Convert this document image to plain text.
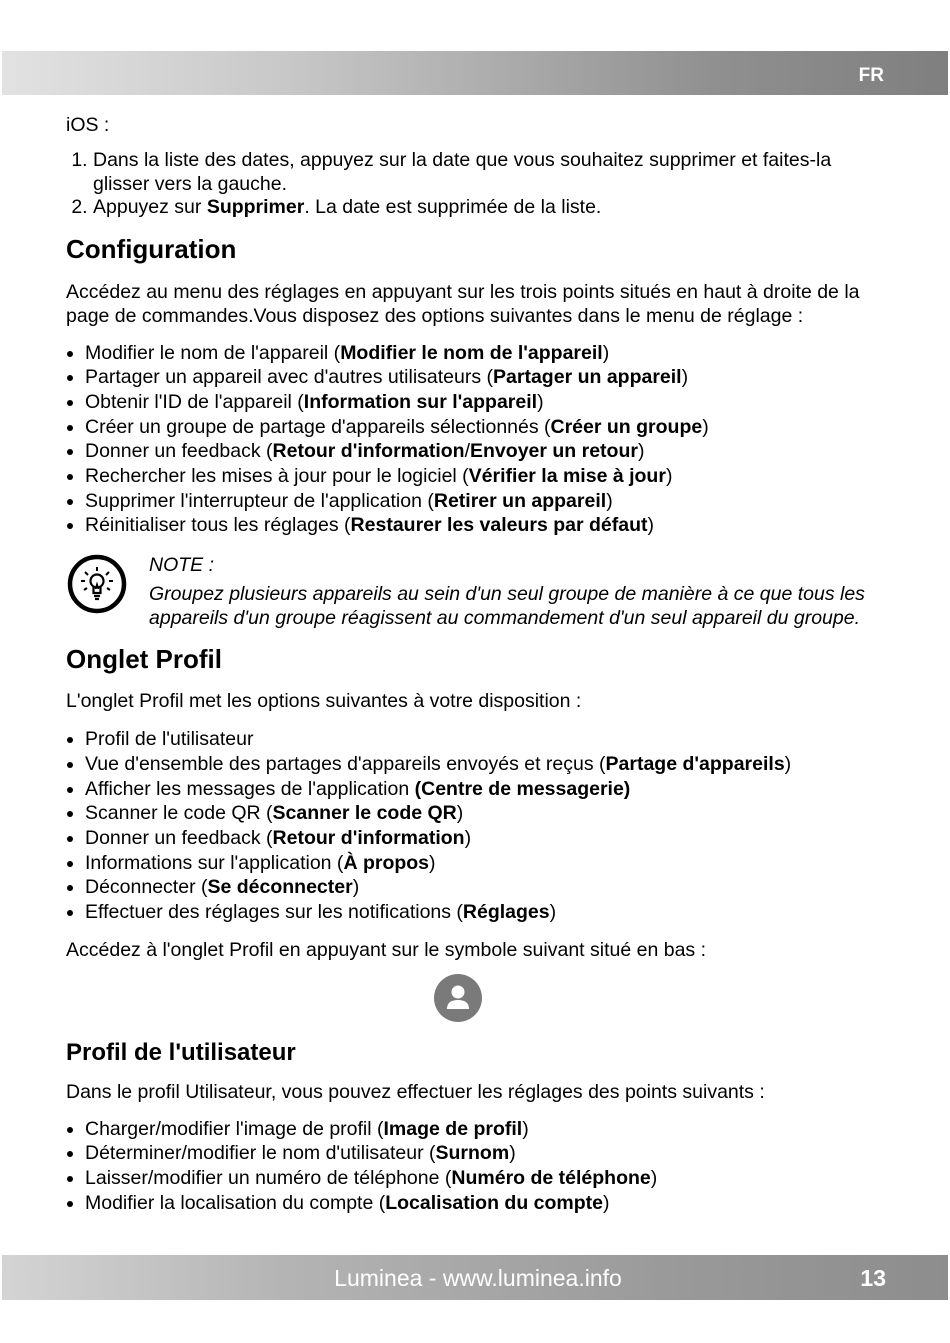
FR

iOS :

1. Dans la liste des dates, appuyez sur la date que vous souhaitez supprimer et faites-la glisser vers la gauche.
2. Appuyez sur Supprimer. La date est supprimée de la liste.
Configuration

Accédez au menu des réglages en appuyant sur les trois points situés en haut à droite de la page de commandes.Vous disposez des options suivantes dans le menu de réglage :

Modifier le nom de l'appareil (Modifier le nom de l'appareil)
Partager un appareil avec d'autres utilisateurs (Partager un appareil)
Obtenir l'ID de l'appareil (Information sur l'appareil)
Créer un groupe de partage d'appareils sélectionnés (Créer un groupe)
Donner un feedback (Retour d'information/Envoyer un retour)
Rechercher les mises à jour pour le logiciel (Vérifier la mise à jour)
Supprimer l'interrupteur de l'application (Retirer un appareil)
Réinitialiser tous les réglages (Restaurer les valeurs par défaut)

NOTE :

Groupez plusieurs appareils au sein d'un seul groupe de manière à ce que tous les appareils d'un groupe réagissent au commandement d'un seul appareil du groupe.

Onglet Profil

L'onglet Profil met les options suivantes à votre disposition :

Profil de l'utilisateur
Vue d'ensemble des partages d'appareils envoyés et reçus (Partage d'appareils)
Afficher les messages de l'application (Centre de messagerie)
Scanner le code QR (Scanner le code QR)
Donner un feedback (Retour d'information)
Informations sur l'application (À propos)
Déconnecter (Se déconnecter)
Effectuer des réglages sur les notifications (Réglages)

Accédez à l'onglet Profil en appuyant sur le symbole suivant situé en bas :

Profil de l'utilisateur

Dans le profil Utilisateur, vous pouvez effectuer les réglages des points suivants :

Charger/modifier l'image de profil (Image de profil)
Déterminer/modifier le nom d'utilisateur (Surnom)
Laisser/modifier un numéro de téléphone (Numéro de téléphone)
Modifier la localisation du compte (Localisation du compte)
Luminea - www.luminea.info	13
